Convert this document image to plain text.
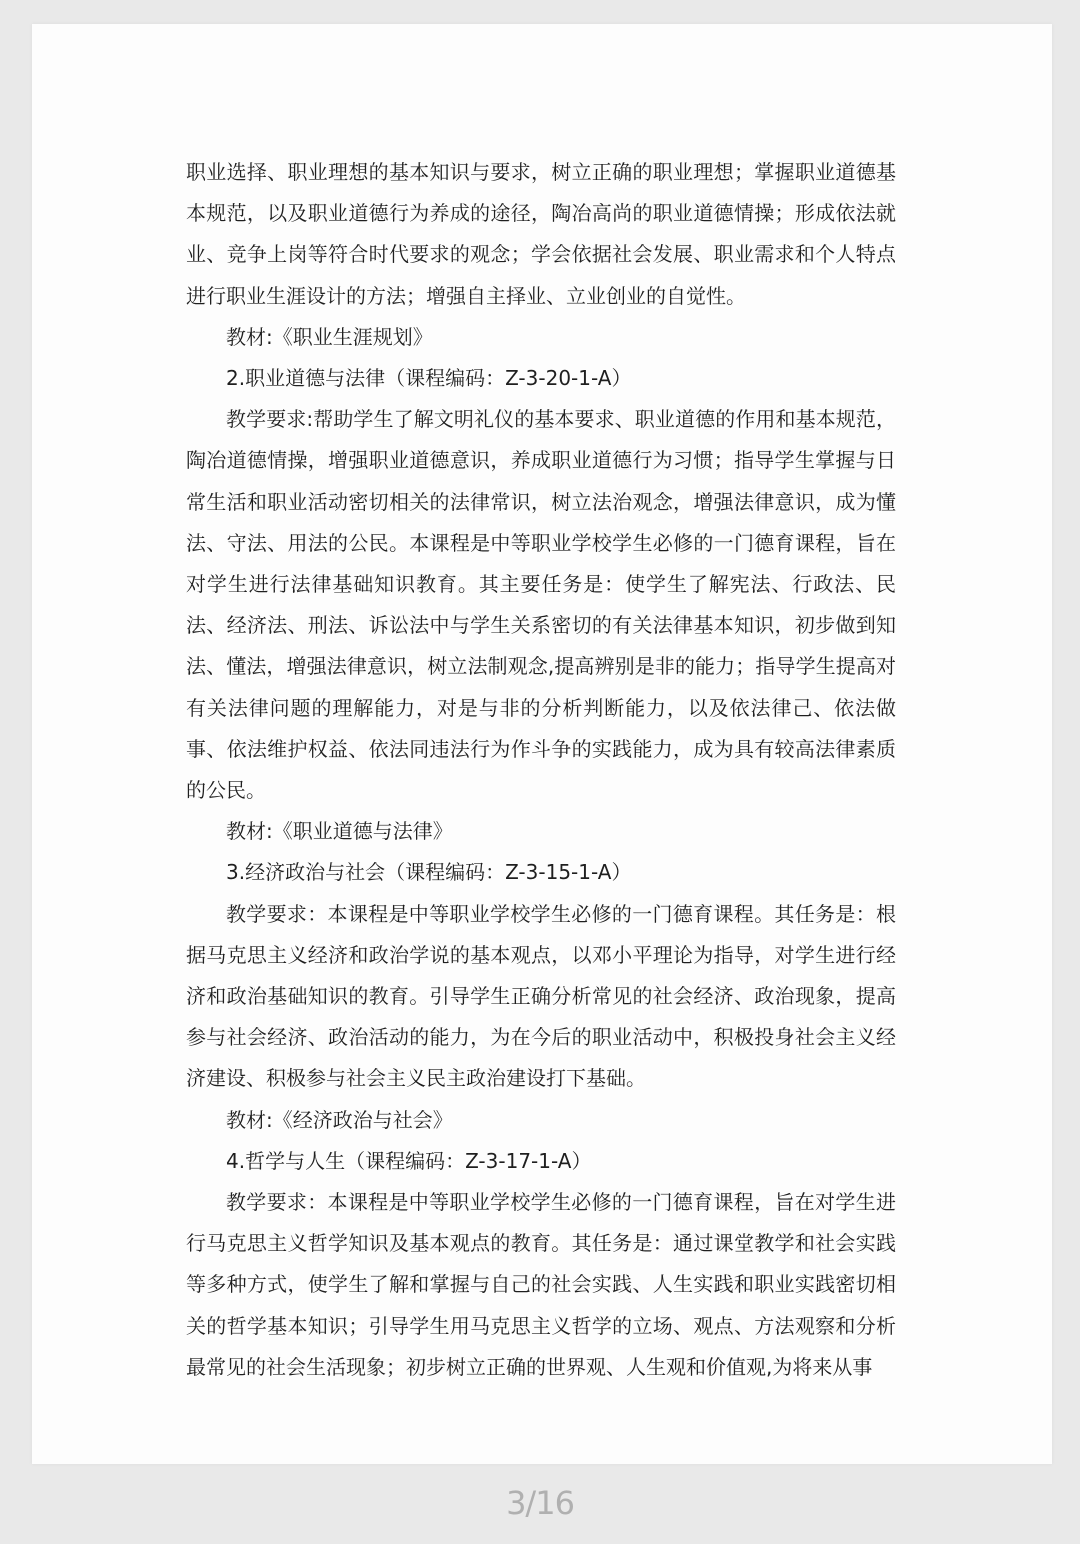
职业选择、职业理想的基本知识与要求，树立正确的职业理想；掌握职业道德基本规范，以及职业道德行为养成的途径，陶冶高尚的职业道德情操；形成依法就业、竞争上岗等符合时代要求的观念；学会依据社会发展、职业需求和个人特点进行职业生涯设计的方法；增强自主择业、立业创业的自觉性。

教材:《职业生涯规划》

2.职业道德与法律（课程编码：Z-3-20-1-A）

教学要求:帮助学生了解文明礼仪的基本要求、职业道德的作用和基本规范，陶冶道德情操，增强职业道德意识，养成职业道德行为习惯；指导学生掌握与日常生活和职业活动密切相关的法律常识，树立法治观念，增强法律意识，成为懂法、守法、用法的公民。本课程是中等职业学校学生必修的一门德育课程，旨在对学生进行法律基础知识教育。其主要任务是：使学生了解宪法、行政法、民法、经济法、刑法、诉讼法中与学生关系密切的有关法律基本知识，初步做到知法、懂法，增强法律意识，树立法制观念,提高辨别是非的能力；指导学生提高对有关法律问题的理解能力，对是与非的分析判断能力，以及依法律己、依法做事、依法维护权益、依法同违法行为作斗争的实践能力，成为具有较高法律素质的公民。

教材:《职业道德与法律》

3.经济政治与社会（课程编码：Z-3-15-1-A）

教学要求：本课程是中等职业学校学生必修的一门德育课程。其任务是：根据马克思主义经济和政治学说的基本观点，以邓小平理论为指导，对学生进行经济和政治基础知识的教育。引导学生正确分析常见的社会经济、政治现象，提高参与社会经济、政治活动的能力，为在今后的职业活动中，积极投身社会主义经济建设、积极参与社会主义民主政治建设打下基础。

教材:《经济政治与社会》

4.哲学与人生（课程编码：Z-3-17-1-A）

教学要求：本课程是中等职业学校学生必修的一门德育课程，旨在对学生进行马克思主义哲学知识及基本观点的教育。其任务是：通过课堂教学和社会实践等多种方式，使学生了解和掌握与自己的社会实践、人生实践和职业实践密切相关的哲学基本知识；引导学生用马克思主义哲学的立场、观点、方法观察和分析最常见的社会生活现象；初步树立正确的世界观、人生观和价值观,为将来从事

3/16
